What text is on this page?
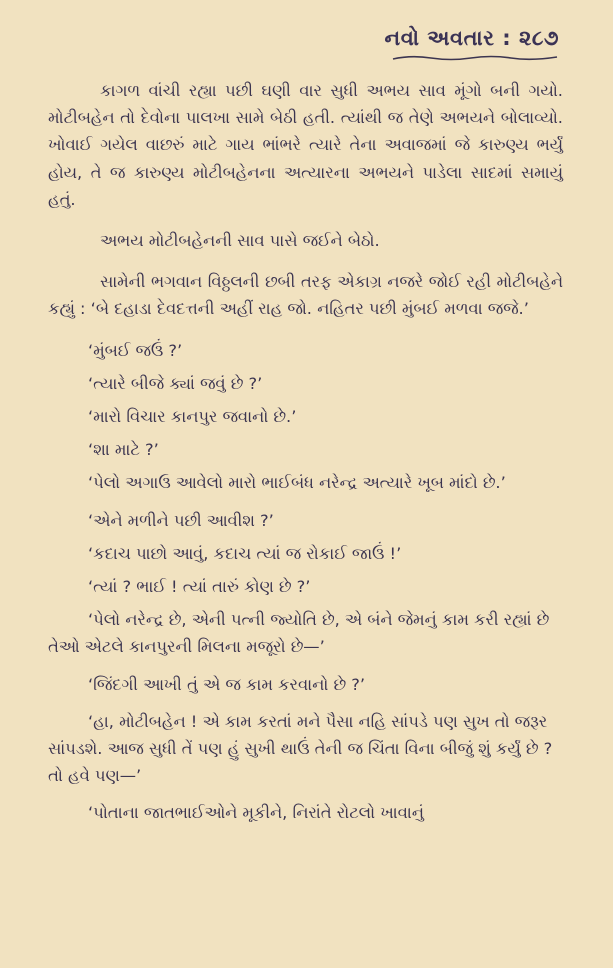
નવો અવતાર : ૨૮૭

કાગળ વાંચી રહ્યા પછી ઘણી વાર સુધી અભય સાવ મૂંગો બની ગયો. મોટીબહેન તો દેવોના પાલખા સામે બેઠી હતી. ત્યાંથી જ તેણે અભયને બોલાવ્યો. ખોવાઈ ગયેલ વાછરું માટે ગાય ભાંભરે ત્યારે તેના અવાજમાં જે કારુણ્ય ભર્યું હોય, તે જ કારુણ્ય મોટીબહેનના અત્યારના અભયને પાડેલા સાદમાં સમાયું હતું.

અભય મોટીબહેનની સાવ પાસે જઈને બેઠો.

સામેની ભગવાન વિઠ્ઠલની છબી તરફ એકાગ્ર નજરે જોઈ રહી મોટીબહેને કહ્યું : ‘બે દહાડા દેવદત્તની અહીં રાહ જો. નહિતર પછી મુંબઈ મળવા જજે.’

‘મુંબઈ જઉં ?’

‘ત્યારે બીજે ક્યાં જવું છે ?’

‘મારો વિચાર કાનપુર જવાનો છે.’

‘શા માટે ?’

‘પેલો અગાઉ આવેલો મારો ભાઈબંધ નરેન્દ્ર અત્યારે ખૂબ માંદો છે.’

‘એને મળીને પછી આવીશ ?’

‘કદાચ પાછો આવું, કદાચ ત્યાં જ રોકાઈ જાઉં !’

‘ત્યાં ? ભાઈ ! ત્યાં તારું કોણ છે ?’

‘પેલો નરેન્દ્ર છે, એની પત્ની જ્યોતિ છે, એ બંને જેમનું કામ કરી રહ્યાં છે તેઓ એટલે કાનપુરની મિલના મજૂરો છે—’

‘જિંદગી આખી તું એ જ કામ કરવાનો છે ?’

‘હા, મોટીબહેન ! એ કામ કરતાં મને પૈસા નહિ સાંપડે પણ સુખ તો જરૂર સાંપડશે. આજ સુધી તેં પણ હું સુખી થાઉં તેની જ ચિંતા વિના બીજું શું કર્યું છે ? તો હવે પણ—’

‘પોતાના જાતભાઈઓને મૂકીને, નિરાંતે રોટલો ખાવાનું
